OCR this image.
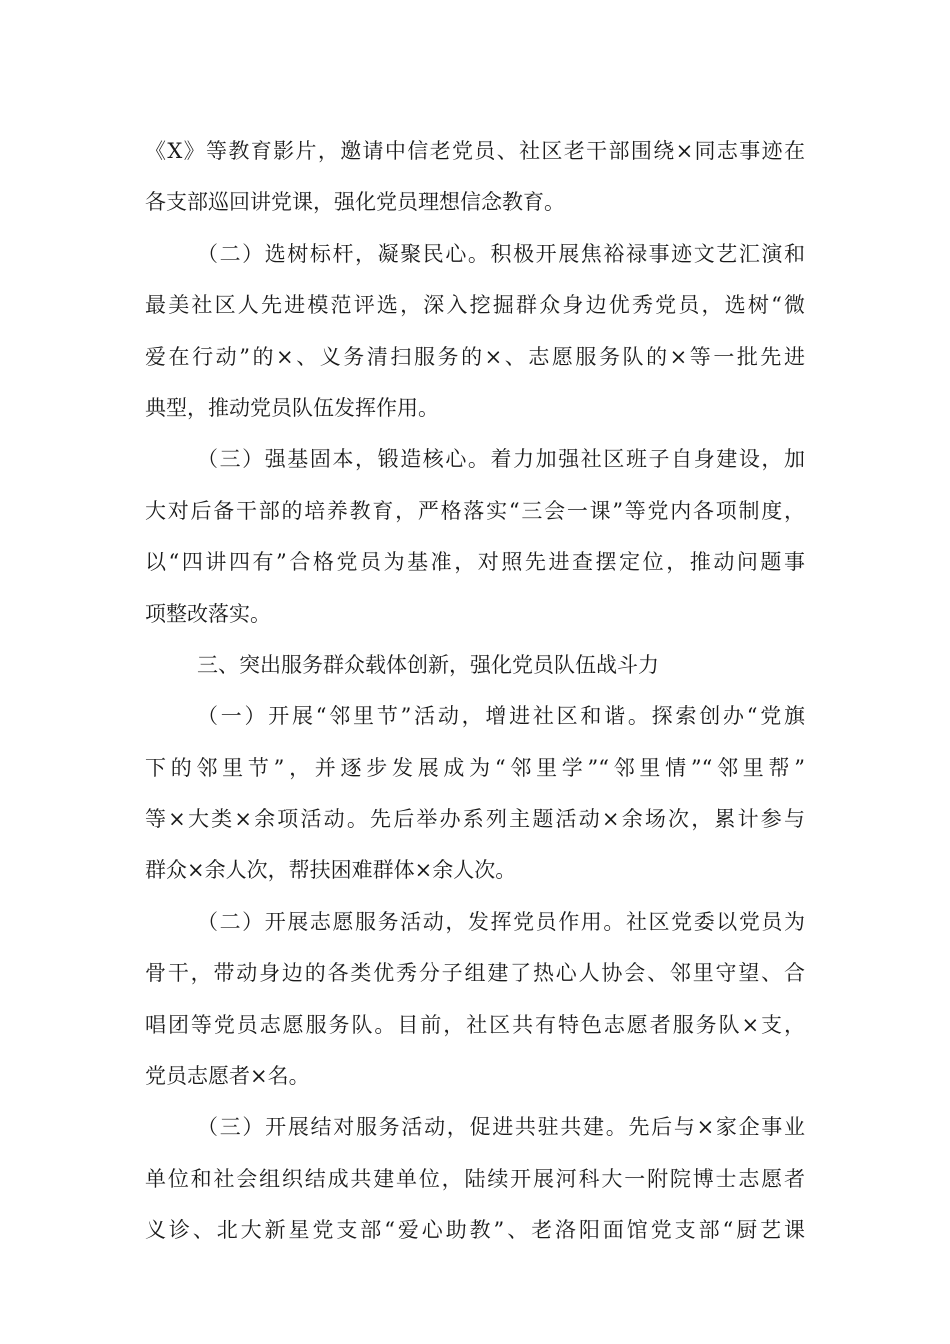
《X》等教育影片，邀请中信老党员、社区老干部围绕×同志事迹在
各支部巡回讲党课，强化党员理想信念教育。
（二）选树标杆，凝聚民心。积极开展焦裕禄事迹文艺汇演和
最美社区人先进模范评选，深入挖掘群众身边优秀党员，选树“微
爱在行动”的×、义务清扫服务的×、志愿服务队的×等一批先进
典型，推动党员队伍发挥作用。
（三）强基固本，锻造核心。着力加强社区班子自身建设，加
大对后备干部的培养教育，严格落实“三会一课”等党内各项制度，
以“四讲四有”合格党员为基准，对照先进查摆定位，推动问题事
项整改落实。
三、突出服务群众载体创新，强化党员队伍战斗力
（一）开展“邻里节”活动，增进社区和谐。探索创办“党旗
下的邻里节”，并逐步发展成为“邻里学”“邻里情”“邻里帮”
等×大类×余项活动。先后举办系列主题活动×余场次，累计参与
群众×余人次，帮扶困难群体×余人次。
（二）开展志愿服务活动，发挥党员作用。社区党委以党员为
骨干，带动身边的各类优秀分子组建了热心人协会、邻里守望、合
唱团等党员志愿服务队。目前，社区共有特色志愿者服务队×支，
党员志愿者×名。
（三）开展结对服务活动，促进共驻共建。先后与×家企事业
单位和社会组织结成共建单位，陆续开展河科大一附院博士志愿者
义诊、北大新星党支部“爱心助教”、老洛阳面馆党支部“厨艺课
